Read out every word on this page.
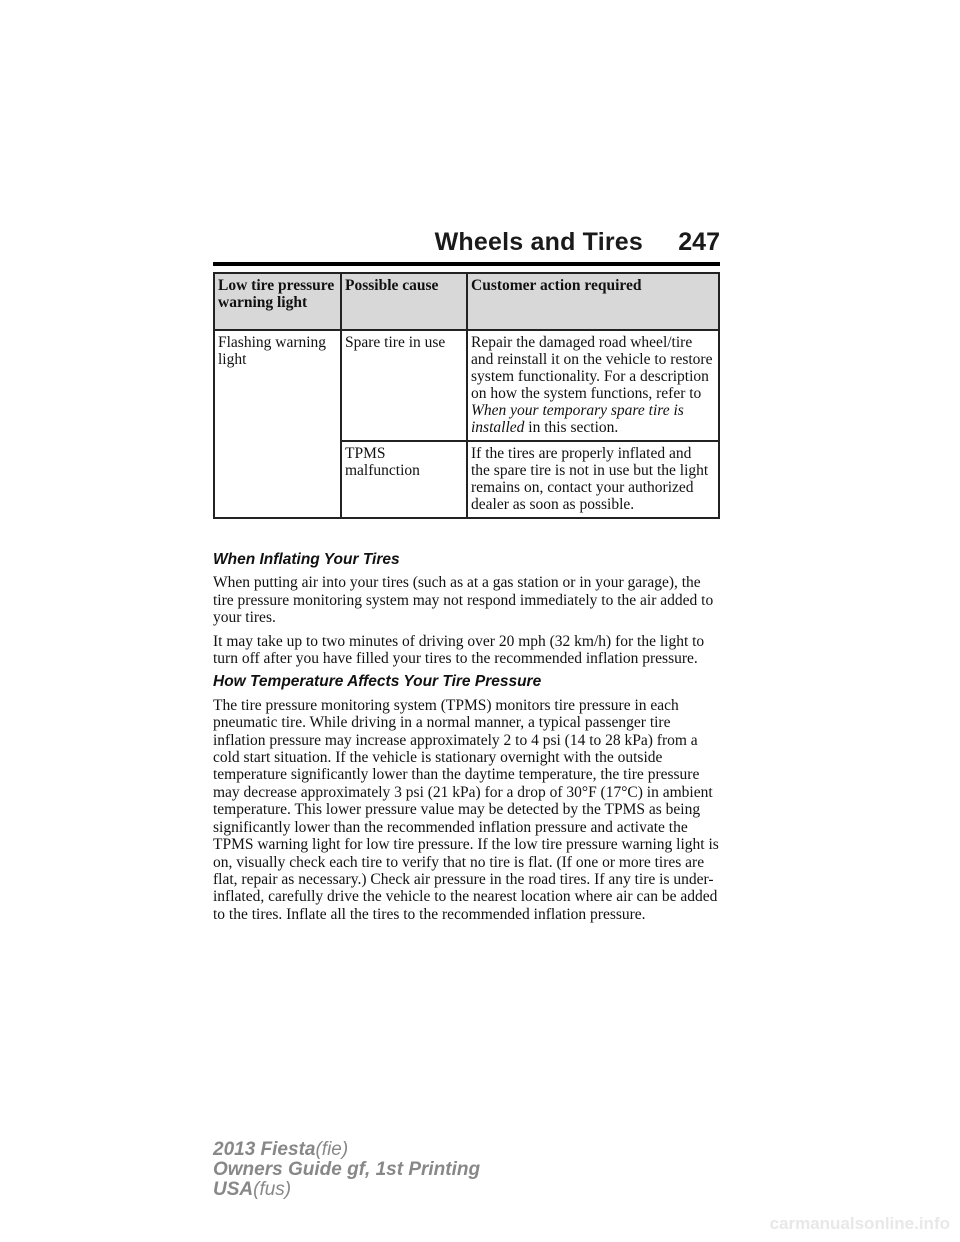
Wheels and Tires 247
Low tire pressure warning light	Possible cause	Customer action required
Flashing warning light	Spare tire in use	Repair the damaged road wheel/tire and reinstall it on the vehicle to restore system functionality. For a description on how the system functions, refer to When your temporary spare tire is installed in this section.
	TPMS malfunction	If the tires are properly inflated and the spare tire is not in use but the light remains on, contact your authorized dealer as soon as possible.
When Inflating Your Tires

When putting air into your tires (such as at a gas station or in your garage), the tire pressure monitoring system may not respond immediately to the air added to your tires.

It may take up to two minutes of driving over 20 mph (32 km/h) for the light to turn off after you have filled your tires to the recommended inflation pressure.

How Temperature Affects Your Tire Pressure

The tire pressure monitoring system (TPMS) monitors tire pressure in each pneumatic tire. While driving in a normal manner, a typical passenger tire inflation pressure may increase approximately 2 to 4 psi (14 to 28 kPa) from a cold start situation. If the vehicle is stationary overnight with the outside temperature significantly lower than the daytime temperature, the tire pressure may decrease approximately 3 psi (21 kPa) for a drop of 30°F (17°C) in ambient temperature. This lower pressure value may be detected by the TPMS as being significantly lower than the recommended inflation pressure and activate the TPMS warning light for low tire pressure. If the low tire pressure warning light is on, visually check each tire to verify that no tire is flat. (If one or more tires are flat, repair as necessary.) Check air pressure in the road tires. If any tire is under-inflated, carefully drive the vehicle to the nearest location where air can be added to the tires. Inflate all the tires to the recommended inflation pressure.

2013 Fiesta(fie)
Owners Guide gf, 1st Printing
USA(fus)
carmanualsonline.info
